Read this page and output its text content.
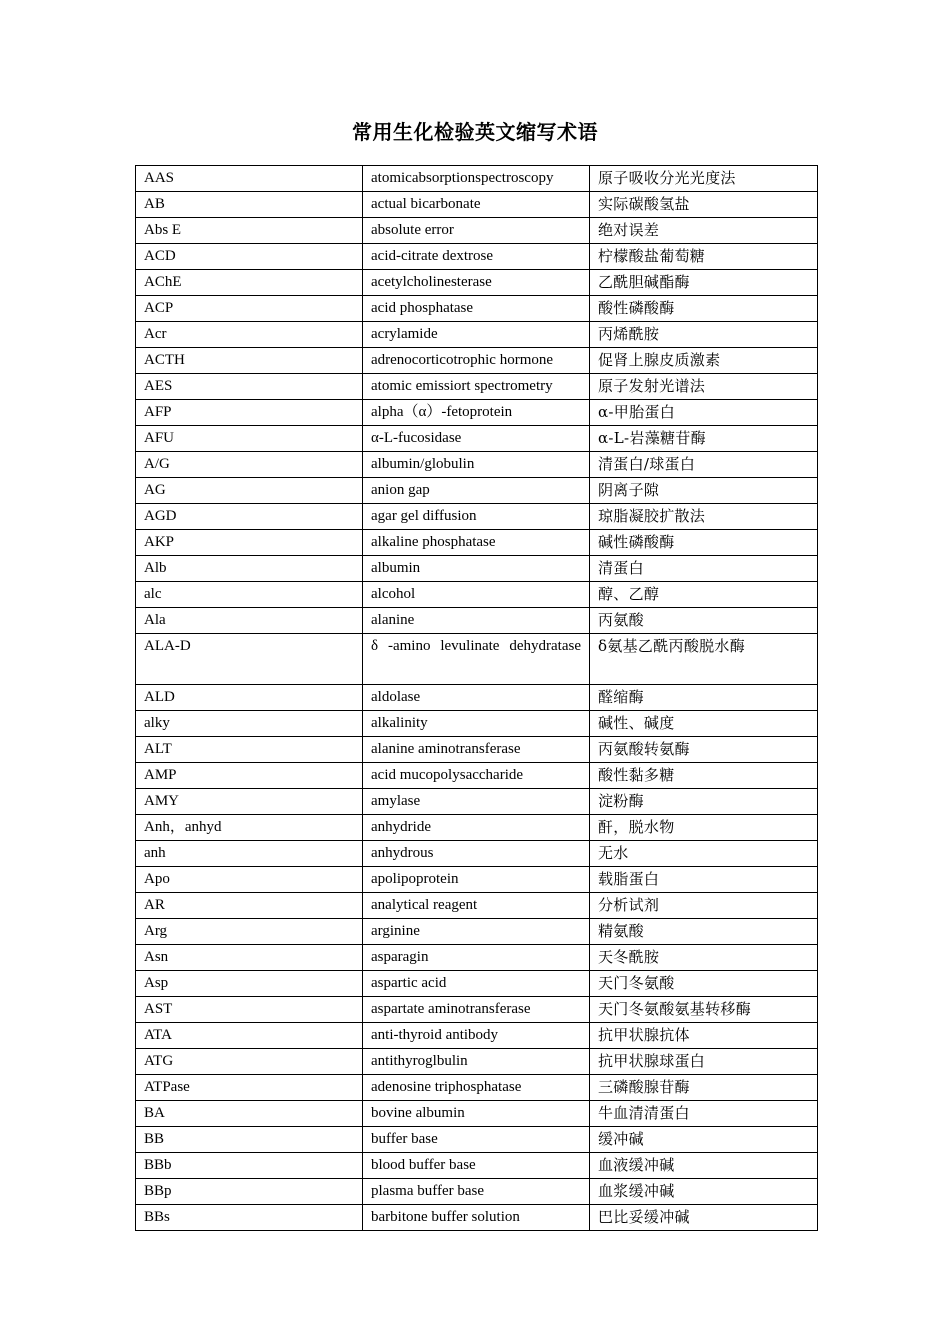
常用生化检验英文缩写术语
AAS	atomicabsorptionspectroscopy	原子吸收分光光度法
AB	actual bicarbonate	实际碳酸氢盐
Abs E	absolute error	绝对误差
ACD	acid-citrate dextrose	柠檬酸盐葡萄糖
AChE	acetylcholinesterase	乙酰胆碱酯酶
ACP	acid phosphatase	酸性磷酸酶
Acr	acrylamide	丙烯酰胺
ACTH	adrenocorticotrophic hormone	促肾上腺皮质激素
AES	atomic emissiort spectrometry	原子发射光谱法
AFP	alpha（α）-fetoprotein	α-甲胎蛋白
AFU	α-L-fucosidase	α-L-岩藻糖苷酶
A/G	albumin/globulin	清蛋白/球蛋白
AG	anion gap	阴离子隙
AGD	agar gel diffusion	琼脂凝胶扩散法
AKP	alkaline phosphatase	碱性磷酸酶
Alb	albumin	清蛋白
alc	alcohol	醇、乙醇
Ala	alanine	丙氨酸
ALA-D	δ -amino levulinate dehydratase	δ氨基乙酰丙酸脱水酶
ALD	aldolase	醛缩酶
alky	alkalinity	碱性、碱度
ALT	alanine aminotransferase	丙氨酸转氨酶
AMP	acid mucopolysaccharide	酸性黏多糖
AMY	amylase	淀粉酶
Anh，anhyd	anhydride	酐，脱水物
anh	anhydrous	无水
Apo	apolipoprotein	载脂蛋白
AR	analytical reagent	分析试剂
Arg	arginine	精氨酸
Asn	asparagin	天冬酰胺
Asp	aspartic acid	天门冬氨酸
AST	aspartate aminotransferase	天门冬氨酸氨基转移酶
ATA	anti-thyroid antibody	抗甲状腺抗体
ATG	antithyroglbulin	抗甲状腺球蛋白
ATPase	adenosine triphosphatase	三磷酸腺苷酶
BA	bovine albumin	牛血清清蛋白
BB	buffer base	缓冲碱
BBb	blood buffer base	血液缓冲碱
BBp	plasma buffer base	血浆缓冲碱
BBs	barbitone buffer solution	巴比妥缓冲碱
